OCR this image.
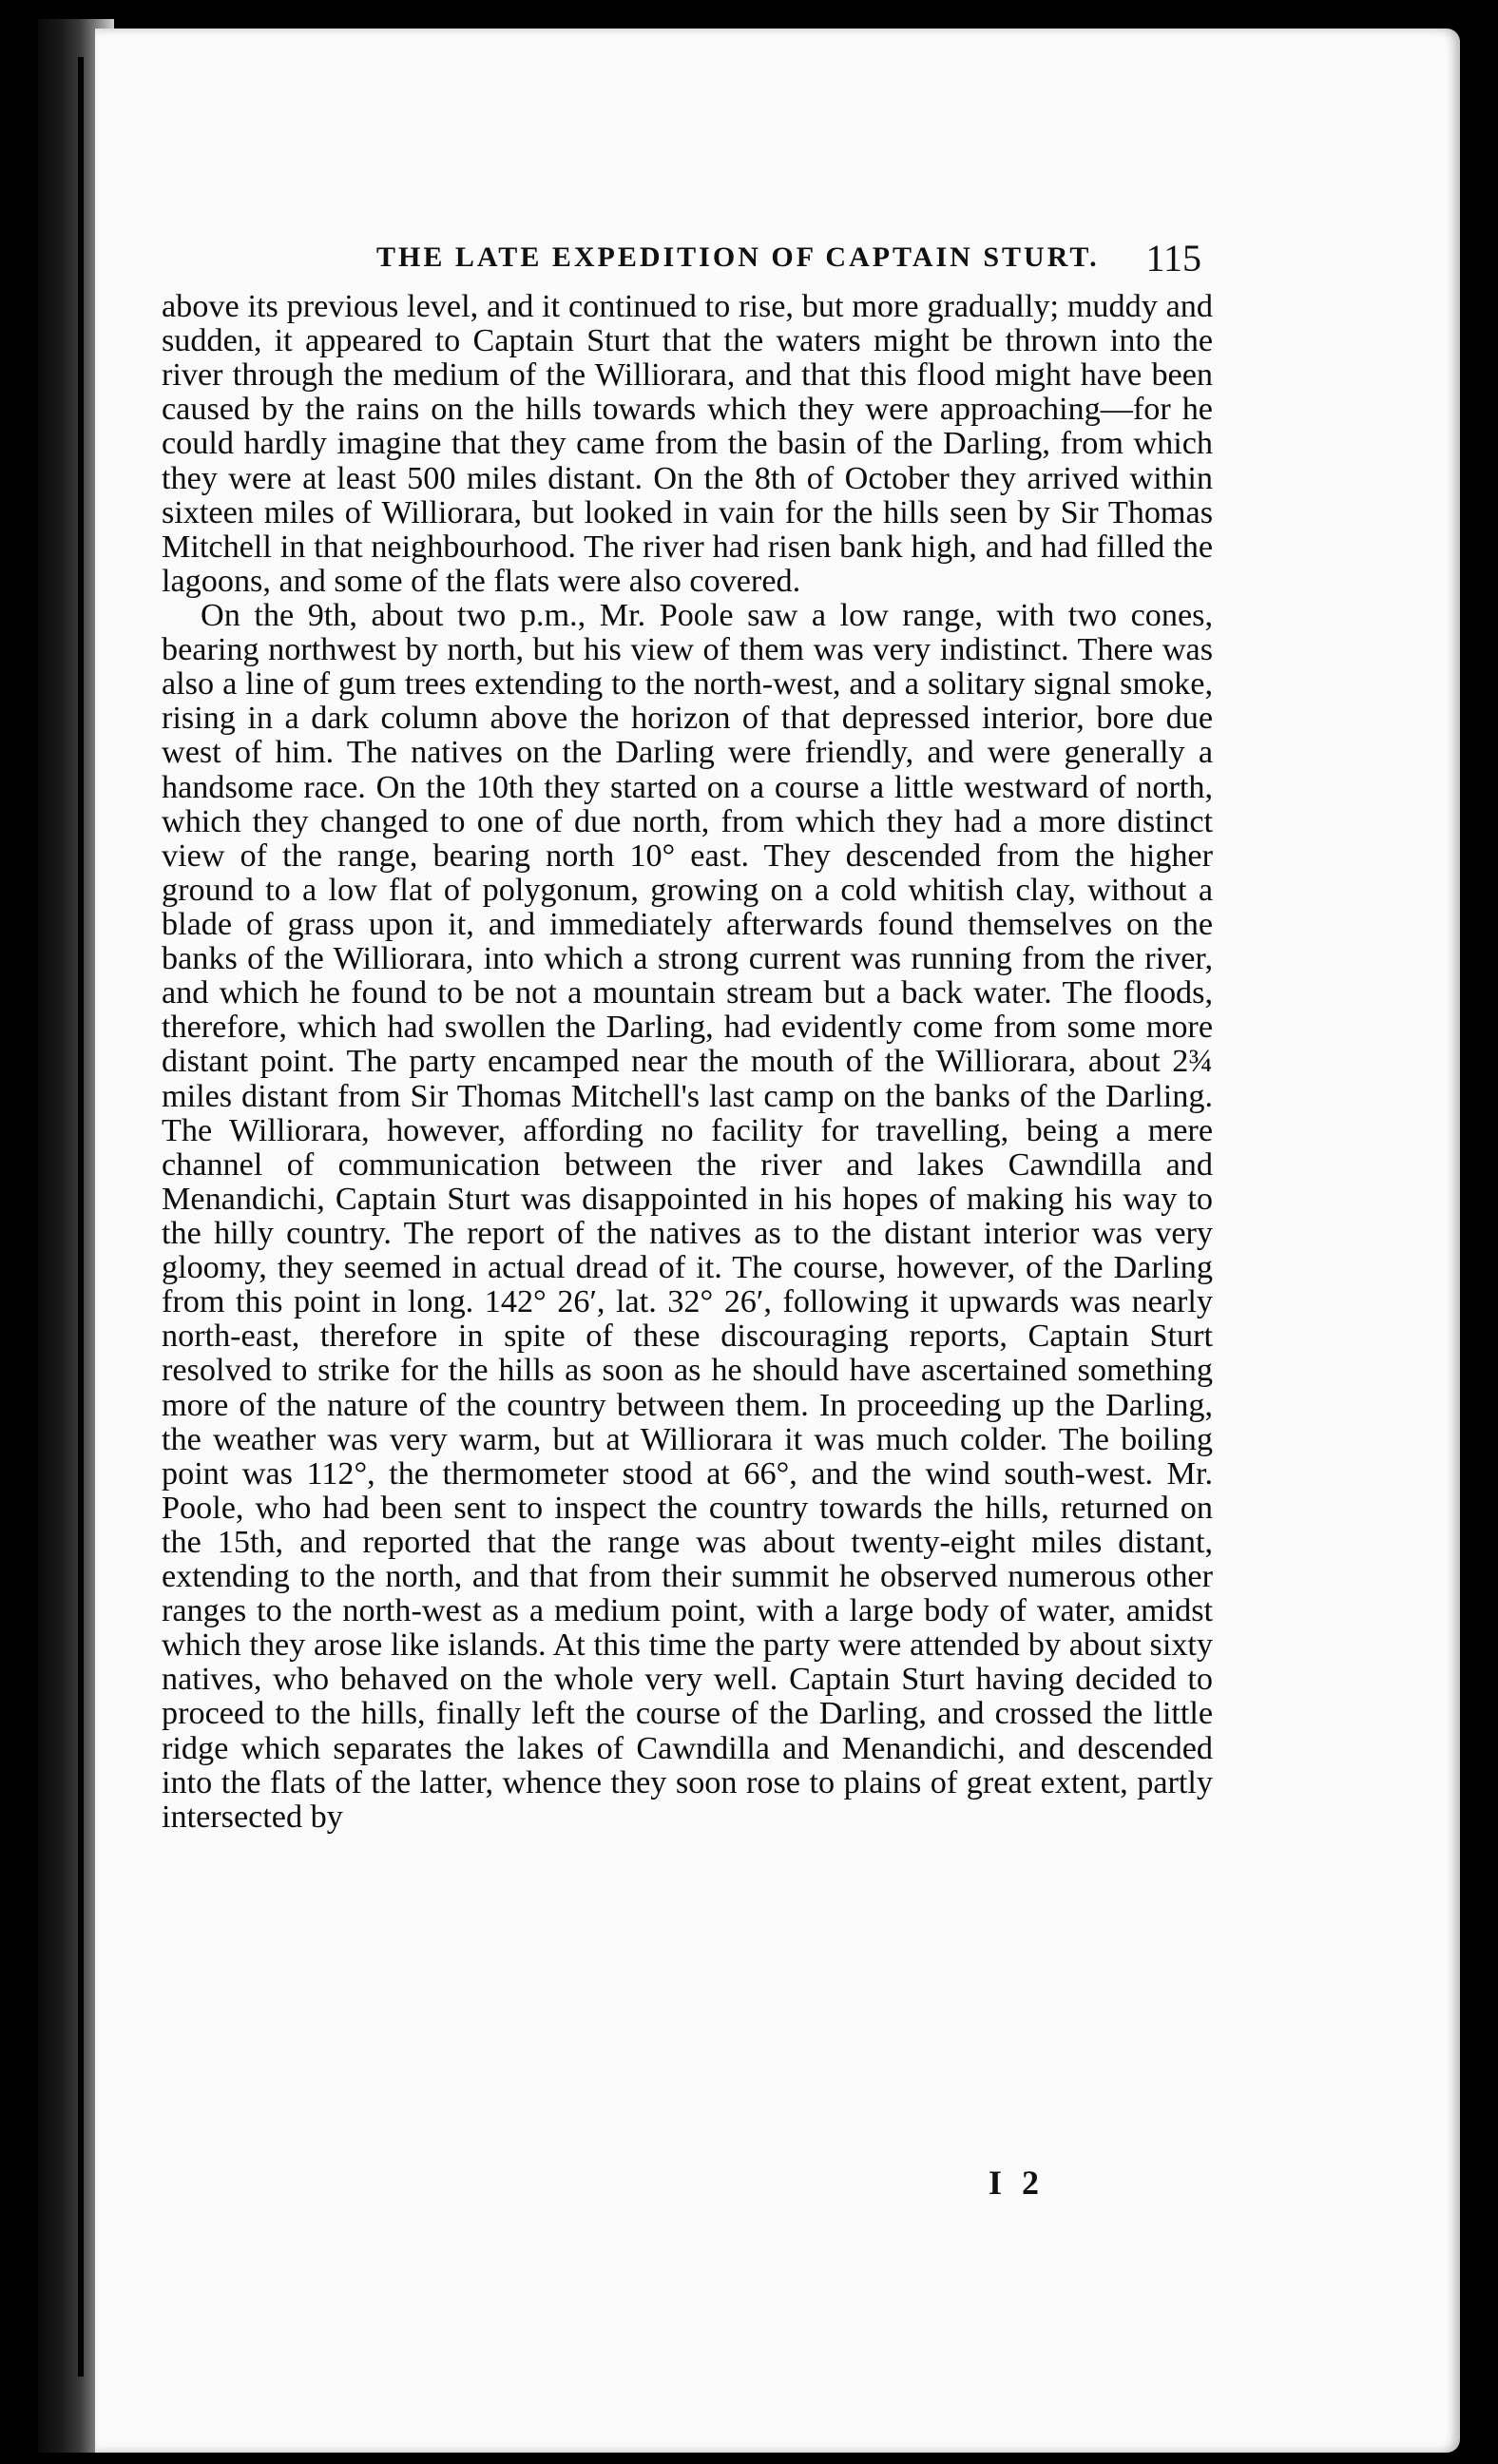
THE LATE EXPEDITION OF CAPTAIN STURT. 115

above its previous level, and it continued to rise, but more gradually; muddy and sudden, it appeared to Captain Sturt that the waters might be thrown into the river through the medium of the Williorara, and that this flood might have been caused by the rains on the hills towards which they were approaching—for he could hardly imagine that they came from the basin of the Darling, from which they were at least 500 miles distant. On the 8th of October they arrived within sixteen miles of Williorara, but looked in vain for the hills seen by Sir Thomas Mitchell in that neighbourhood. The river had risen bank high, and had filled the lagoons, and some of the flats were also covered.

On the 9th, about two p.m., Mr. Poole saw a low range, with two cones, bearing northwest by north, but his view of them was very indistinct. There was also a line of gum trees extending to the north-west, and a solitary signal smoke, rising in a dark column above the horizon of that depressed interior, bore due west of him. The natives on the Darling were friendly, and were generally a handsome race. On the 10th they started on a course a little westward of north, which they changed to one of due north, from which they had a more distinct view of the range, bearing north 10° east. They descended from the higher ground to a low flat of polygonum, growing on a cold whitish clay, without a blade of grass upon it, and immediately afterwards found themselves on the banks of the Williorara, into which a strong current was running from the river, and which he found to be not a mountain stream but a back water. The floods, therefore, which had swollen the Darling, had evidently come from some more distant point. The party encamped near the mouth of the Williorara, about 2¾ miles distant from Sir Thomas Mitchell's last camp on the banks of the Darling. The Williorara, however, affording no facility for travelling, being a mere channel of communication between the river and lakes Cawndilla and Menandichi, Captain Sturt was disappointed in his hopes of making his way to the hilly country. The report of the natives as to the distant interior was very gloomy, they seemed in actual dread of it. The course, however, of the Darling from this point in long. 142° 26′, lat. 32° 26′, following it upwards was nearly north-east, therefore in spite of these discouraging reports, Captain Sturt resolved to strike for the hills as soon as he should have ascertained something more of the nature of the country between them. In proceeding up the Darling, the weather was very warm, but at Williorara it was much colder. The boiling point was 112°, the thermometer stood at 66°, and the wind south-west. Mr. Poole, who had been sent to inspect the country towards the hills, returned on the 15th, and reported that the range was about twenty-eight miles distant, extending to the north, and that from their summit he observed numerous other ranges to the north-west as a medium point, with a large body of water, amidst which they arose like islands. At this time the party were attended by about sixty natives, who behaved on the whole very well. Captain Sturt having decided to proceed to the hills, finally left the course of the Darling, and crossed the little ridge which separates the lakes of Cawndilla and Menandichi, and descended into the flats of the latter, whence they soon rose to plains of great extent, partly intersected by

I 2
